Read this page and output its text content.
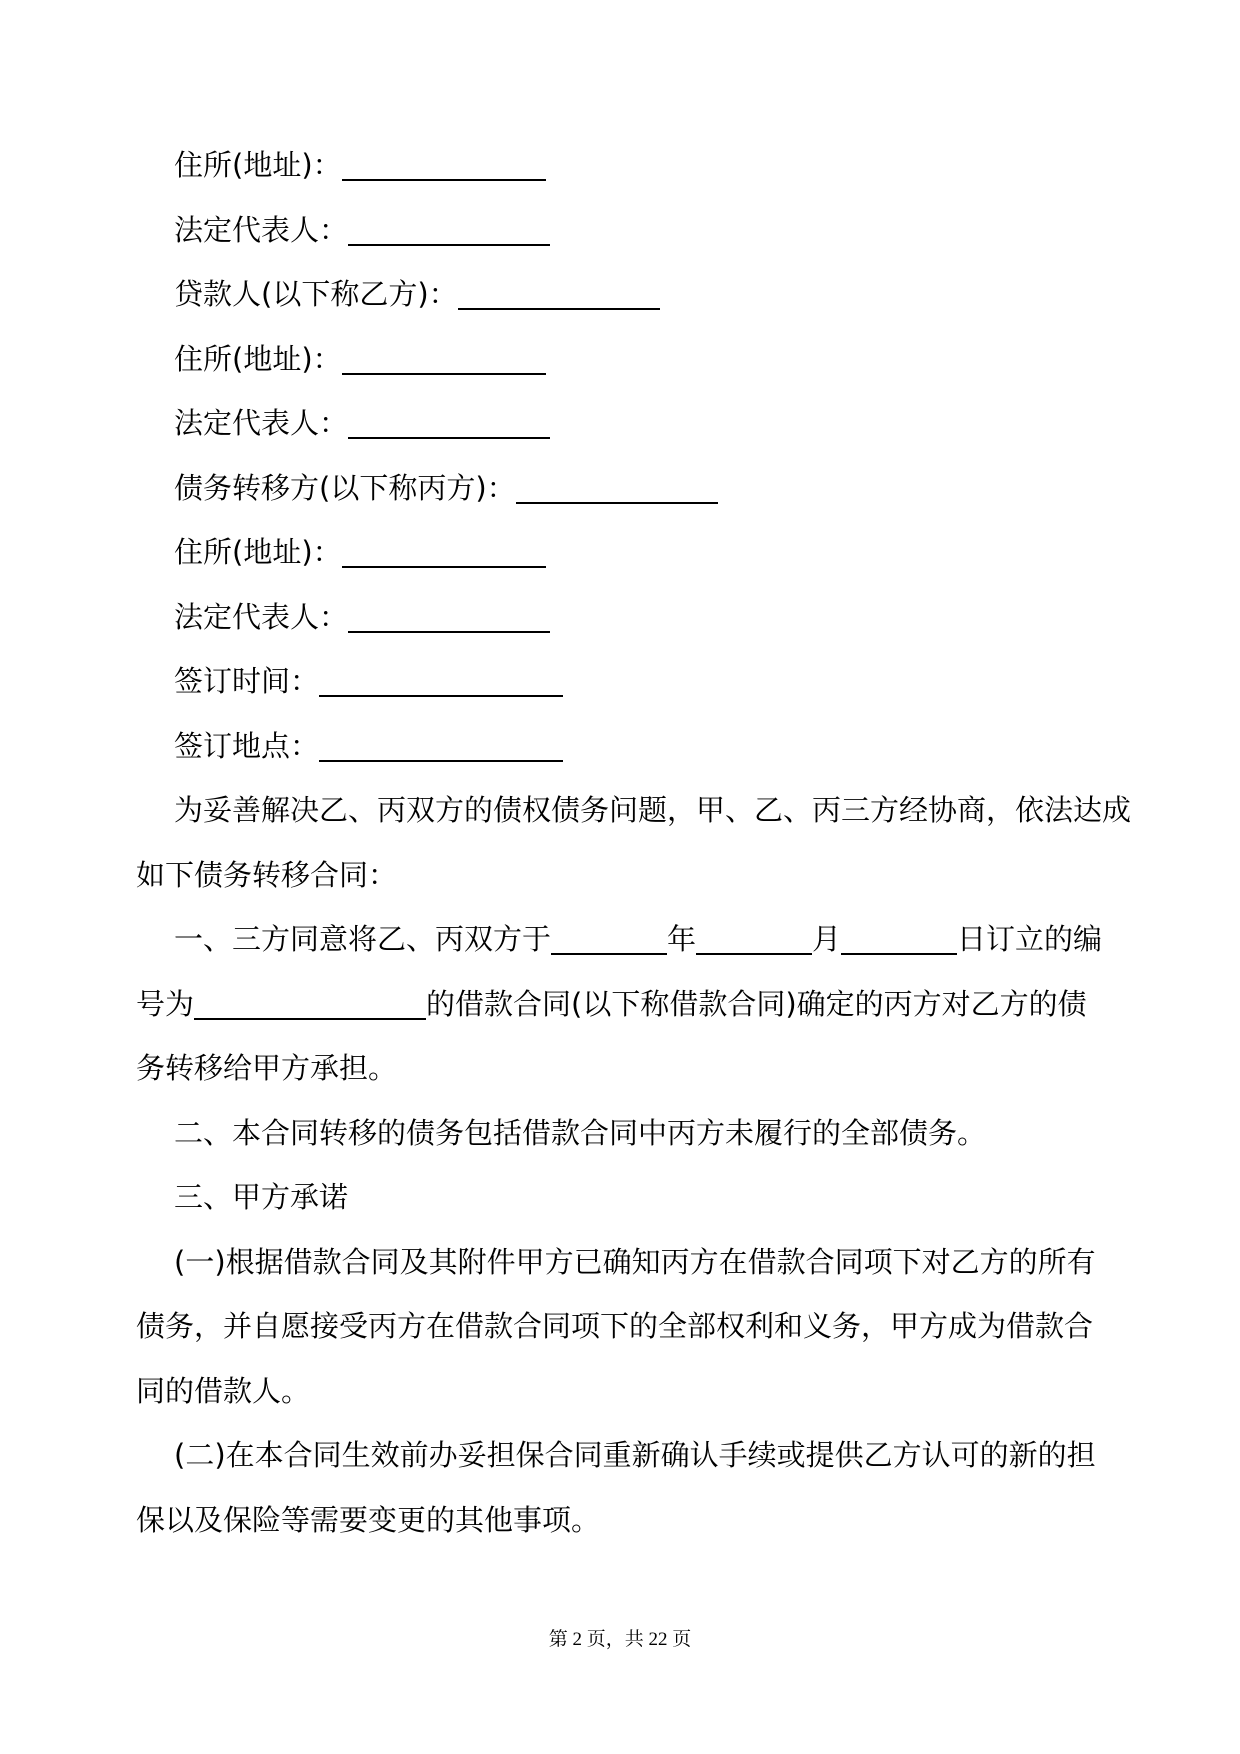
住所(地址)：
法定代表人：
贷款人(以下称乙方)：
住所(地址)：
法定代表人：
债务转移方(以下称丙方)：
住所(地址)：
法定代表人：
签订时间：
签订地点：
为妥善解决乙、丙双方的债权债务问题，甲、乙、丙三方经协商，依法达成
如下债务转移合同：
一、三方同意将乙、丙双方于	年	月	日订立的编
号为	的借款合同(以下称借款合同)确定的丙方对乙方的债
务转移给甲方承担。
二、本合同转移的债务包括借款合同中丙方未履行的全部债务。
三、甲方承诺
(一)根据借款合同及其附件甲方已确知丙方在借款合同项下对乙方的所有
债务，并自愿接受丙方在借款合同项下的全部权利和义务，甲方成为借款合
同的借款人。
(二)在本合同生效前办妥担保合同重新确认手续或提供乙方认可的新的担
保以及保险等需要变更的其他事项。
第 2 页，共 22 页
